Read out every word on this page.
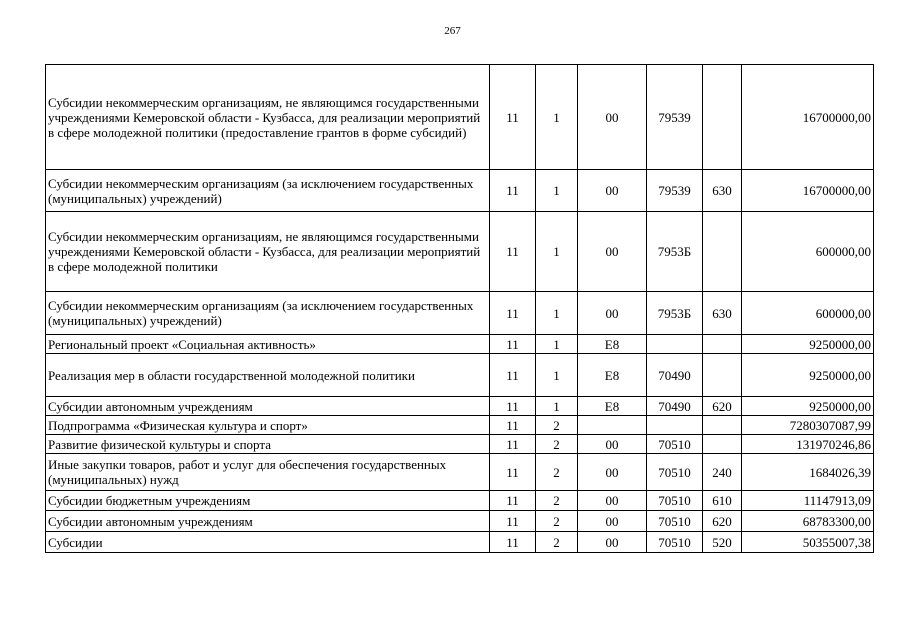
267
Субсидии некоммерческим организациям, не являющимся государственными учреждениями Кемеровской области - Кузбасса, для реализации мероприятий в сфере молодежной политики (предоставление грантов в форме субсидий)	11	1	00	79539		16700000,00
Субсидии некоммерческим организациям (за исключением государственных (муниципальных) учреждений)	11	1	00	79539	630	16700000,00
Субсидии некоммерческим организациям, не являющимся государственными учреждениями Кемеровской области - Кузбасса, для реализации мероприятий в сфере молодежной политики	11	1	00	7953Б		600000,00
Субсидии некоммерческим организациям (за исключением государственных (муниципальных) учреждений)	11	1	00	7953Б	630	600000,00
Региональный проект «Социальная активность»	11	1	E8			9250000,00
Реализация мер в области государственной молодежной политики	11	1	E8	70490		9250000,00
Субсидии автономным учреждениям	11	1	E8	70490	620	9250000,00
Подпрограмма «Физическая культура и спорт»	11	2				7280307087,99
Развитие физической культуры и спорта	11	2	00	70510		131970246,86
Иные закупки товаров, работ и услуг для обеспечения государственных (муниципальных) нужд	11	2	00	70510	240	1684026,39
Субсидии бюджетным учреждениям	11	2	00	70510	610	11147913,09
Субсидии автономным учреждениям	11	2	00	70510	620	68783300,00
Субсидии	11	2	00	70510	520	50355007,38
